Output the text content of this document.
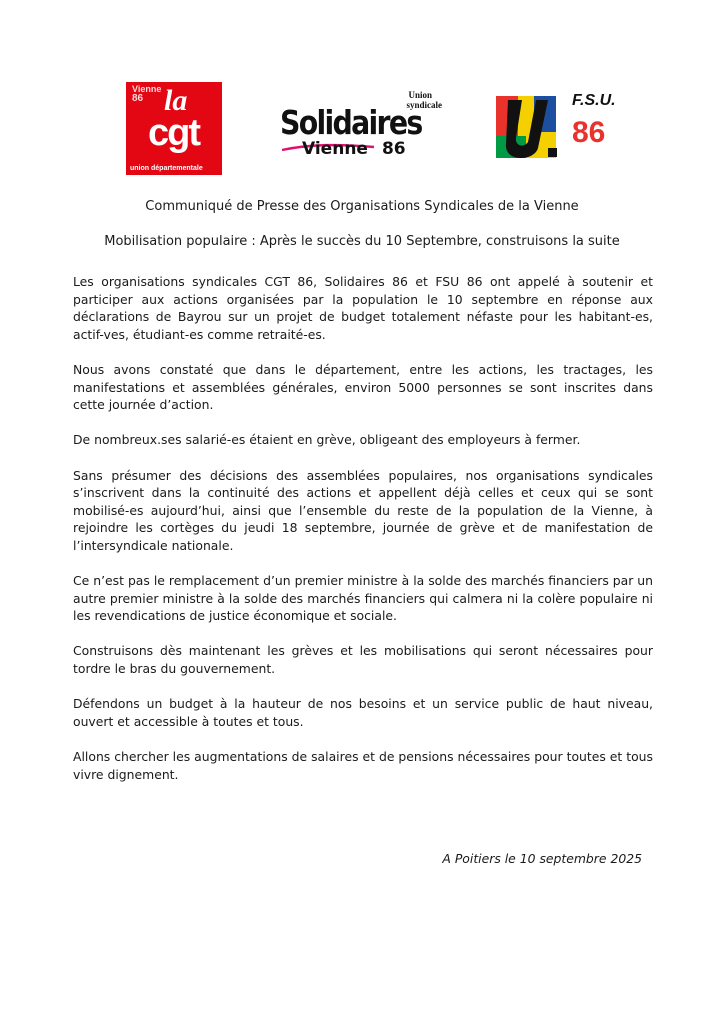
Vienne
86 la
cgt
union départementale
Union
syndicale
Solidaires
Vienne 86
F.S.U.
86
Communiqué de Presse des Organisations Syndicales de la Vienne
Mobilisation populaire : Après le succès du 10 Septembre, construisons la suite

Les organisations syndicales CGT 86, Solidaires 86 et FSU 86 ont appelé à soutenir et participer aux actions organisées par la population le 10 septembre en réponse aux déclarations de Bayrou sur un projet de budget totalement néfaste pour les habitant-es, actif-ves, étudiant-es comme retraité-es.

Nous avons constaté que dans le département, entre les actions, les tractages, les manifestations et assemblées générales, environ 5000 personnes se sont inscrites dans cette journée d’action.

De nombreux.ses salarié-es étaient en grève, obligeant des employeurs à fermer.

Sans présumer des décisions des assemblées populaires, nos organisations syndicales s’inscrivent dans la continuité des actions et appellent déjà celles et ceux qui se sont mobilisé-es aujourd’hui, ainsi que l’ensemble du reste de la population de la Vienne, à rejoindre les cortèges du jeudi 18 septembre, journée de grève et de manifestation de l’intersyndicale nationale.

Ce n’est pas le remplacement d’un premier ministre à la solde des marchés financiers par un autre premier ministre à la solde des marchés financiers qui calmera ni la colère populaire ni les revendications de justice économique et sociale.

Construisons dès maintenant les grèves et les mobilisations qui seront nécessaires pour tordre le bras du gouvernement.

Défendons un budget à la hauteur de nos besoins et un service public de haut niveau, ouvert et accessible à toutes et tous.

Allons chercher les augmentations de salaires et de pensions nécessaires pour toutes et tous vivre dignement.

A Poitiers le 10 septembre 2025
